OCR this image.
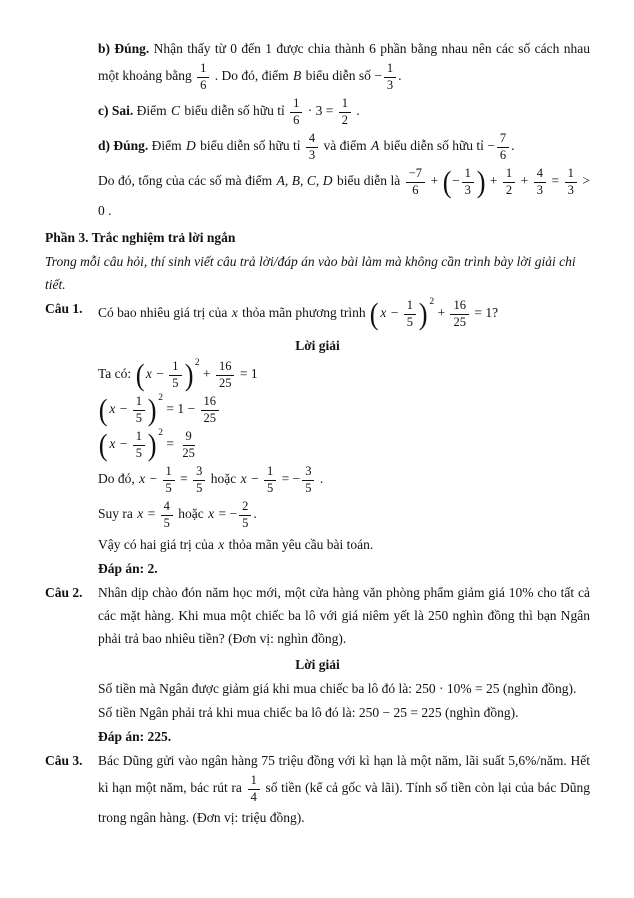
b) Đúng. Nhận thấy từ 0 đến 1 được chia thành 6 phần bằng nhau nên các số cách nhau một khoảng bằng $\frac{1}{6}$ . Do đó, điểm B biểu diễn số − $\frac{1}{3}$ .
c) Sai. Điểm C biểu diễn số hữu tỉ $\frac{1}{6} \cdot 3 = \frac{1}{2}$ .
d) Đúng. Điểm D biểu diễn số hữu tỉ $\frac{4}{3}$ và điểm A biểu diễn số hữu tỉ − $\frac{7}{6}$ .
Do đó, tổng của các số mà điểm A, B, C, D biểu diễn là $\frac{-7}{6}$ + (− $\frac{1}{3}$ ) + $\frac{1}{2} + \frac{4}{3} = \frac{1}{3} > 0$ .
Phần 3. Trắc nghiệm trả lời ngắn
Trong mỗi câu hỏi, thí sinh viết câu trả lời/đáp án vào bài làm mà không cần trình bày lời giải chi tiết.
Câu 1. Có bao nhiêu giá trị của x thỏa mãn phương trình ( $x - \frac{1}{5}$ ) $2 + \frac{16}{25} = 1$?
Lời giải
Ta có: ( $x - \frac{1}{5}$ ) $2 + \frac{16}{25} = 1$
( $x - \frac{1}{5}$ ) $2 = 1 - \frac{16}{25}$
( $x - \frac{1}{5}$ ) $2 = \frac{9}{25}$
Do đó, $x - \frac{1}{5} = \frac{3}{5}$ hoặc $x - \frac{1}{5}$ = − $\frac{3}{5}$ .
Suy ra $x = \frac{4}{5}$ hoặc x = − $\frac{2}{5}$ .
Vậy có hai giá trị của x thỏa mãn yêu cầu bài toán.
Đáp án: 2.
Câu 2. Nhân dịp chào đón năm học mới, một cửa hàng văn phòng phẩm giảm giá 10% cho tất cả các mặt hàng. Khi mua một chiếc ba lô với giá niêm yết là 250 nghìn đồng thì bạn Ngân phải trả bao nhiêu tiền? (Đơn vị: nghìn đồng).
Lời giải
Số tiền mà Ngân được giảm giá khi mua chiếc ba lô đó là: 250 · 10% = 25 (nghìn đồng).
Số tiền Ngân phải trả khi mua chiếc ba lô đó là: 250 − 25 = 225 (nghìn đồng).
Đáp án: 225.
Câu 3. Bác Dũng gửi vào ngân hàng 75 triệu đồng với kì hạn là một năm, lãi suất 5,6%/năm. Hết kì hạn một năm, bác rút ra $\frac{1}{4}$ số tiền (kể cả gốc và lãi). Tính số tiền còn lại của bác Dũng trong ngân hàng. (Đơn vị: triệu đồng).
